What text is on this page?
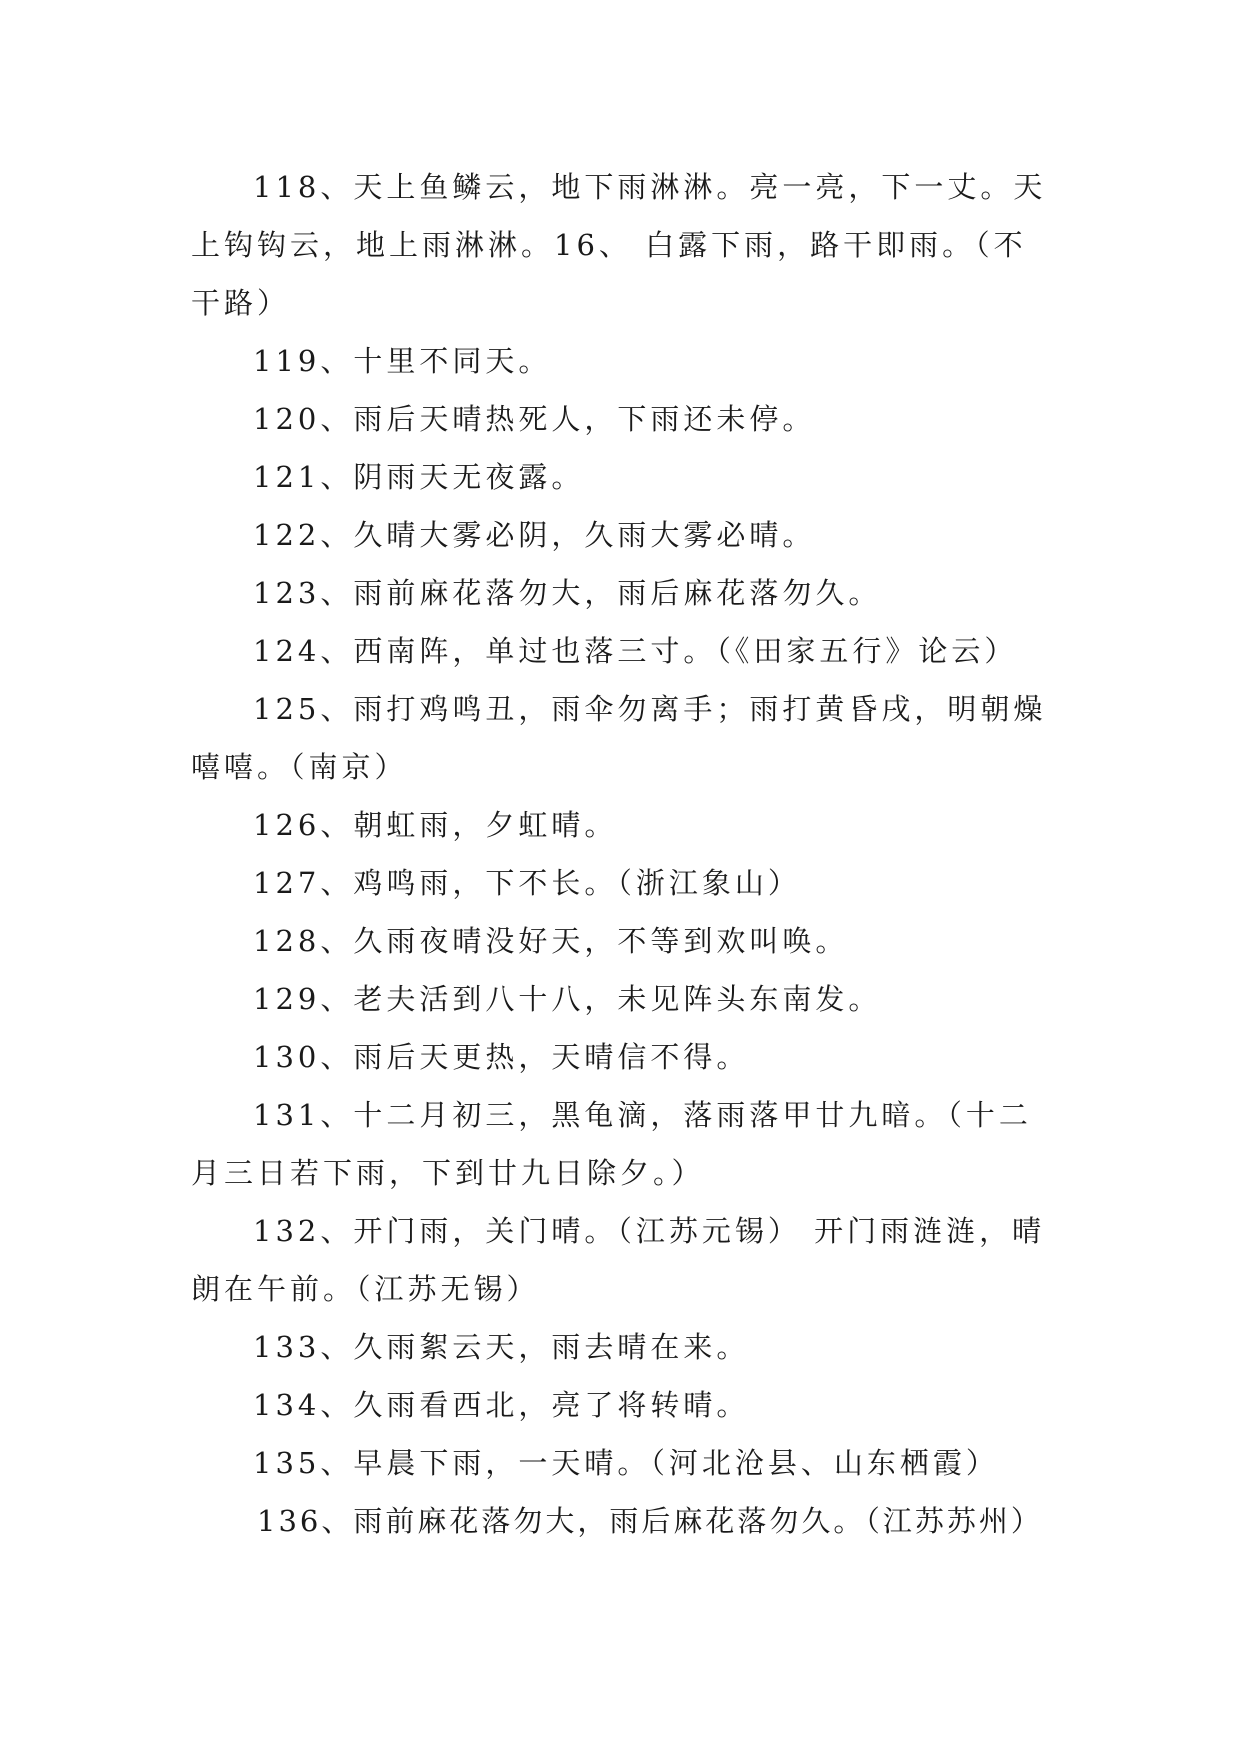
118、天上鱼鳞云，地下雨淋淋。亮一亮，下一丈。天上钩钩云，地上雨淋淋。16、 白露下雨，路干即雨。（不干路）

119、十里不同天。

120、雨后天晴热死人，下雨还未停。

121、阴雨天无夜露。

122、久晴大雾必阴，久雨大雾必晴。

123、雨前麻花落勿大，雨后麻花落勿久。

124、西南阵，单过也落三寸。（《田家五行》论云）

125、雨打鸡鸣丑，雨伞勿离手；雨打黄昏戌，明朝燥嘻嘻。（南京）

126、朝虹雨，夕虹晴。

127、鸡鸣雨，下不长。（浙江象山）

128、久雨夜晴没好天，不等到欢叫唤。

129、老夫活到八十八，未见阵头东南发。

130、雨后天更热，天晴信不得。

131、十二月初三，黑龟滴，落雨落甲廿九暗。（十二月三日若下雨，下到廿九日除夕。）

132、开门雨，关门晴。（江苏元锡） 开门雨涟涟，晴朗在午前。（江苏无锡）

133、久雨絮云天，雨去晴在来。

134、久雨看西北，亮了将转晴。

135、早晨下雨，一天晴。（河北沧县、山东栖霞）

136、雨前麻花落勿大，雨后麻花落勿久。（江苏苏州）
